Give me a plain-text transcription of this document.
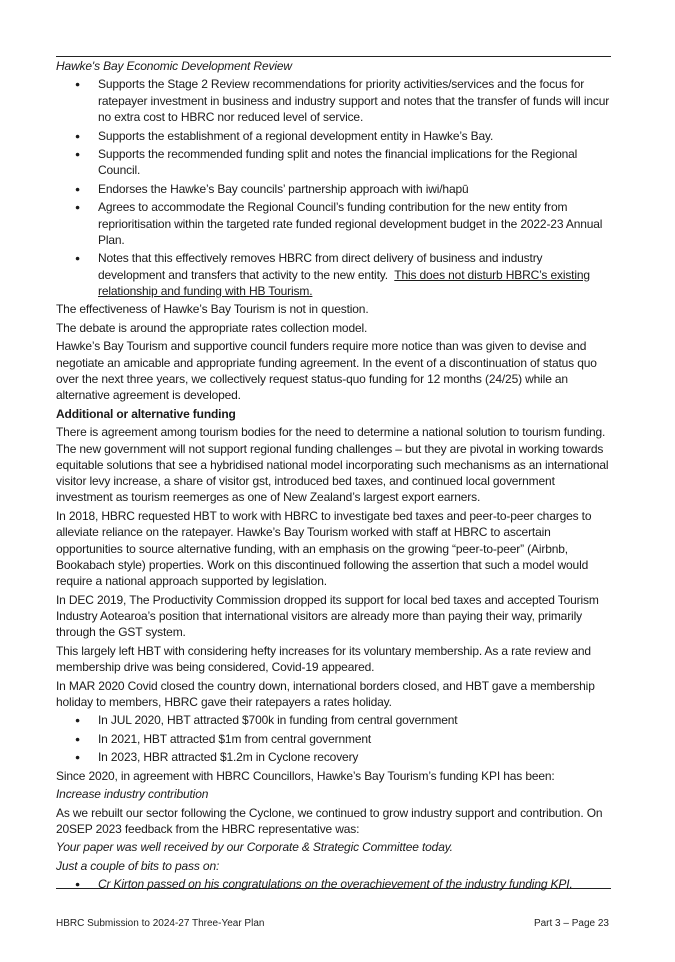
Hawke's Bay Economic Development Review

● Supports the Stage 2 Review recommendations for priority activities/services and the focus for ratepayer investment in business and industry support and notes that the transfer of funds will incur no extra cost to HBRC nor reduced level of service.
● Supports the establishment of a regional development entity in Hawke’s Bay.
● Supports the recommended funding split and notes the financial implications for the Regional Council.
● Endorses the Hawke’s Bay councils’ partnership approach with iwi/hapū
● Agrees to accommodate the Regional Council’s funding contribution for the new entity from reprioritisation within the targeted rate funded regional development budget in the 2022-23 Annual Plan.
● Notes that this effectively removes HBRC from direct delivery of business and industry development and transfers that activity to the new entity. This does not disturb HBRC’s existing relationship and funding with HB Tourism.

The effectiveness of Hawke’s Bay Tourism is not in question.

The debate is around the appropriate rates collection model.

Hawke’s Bay Tourism and supportive council funders require more notice than was given to devise and negotiate an amicable and appropriate funding agreement. In the event of a discontinuation of status quo over the next three years, we collectively request status-quo funding for 12 months (24/25) while an alternative agreement is developed.

Additional or alternative funding

There is agreement among tourism bodies for the need to determine a national solution to tourism funding. The new government will not support regional funding challenges – but they are pivotal in working towards equitable solutions that see a hybridised national model incorporating such mechanisms as an international visitor levy increase, a share of visitor gst, introduced bed taxes, and continued local government investment as tourism reemerges as one of New Zealand’s largest export earners.

In 2018, HBRC requested HBT to work with HBRC to investigate bed taxes and peer-to-peer charges to alleviate reliance on the ratepayer. Hawke’s Bay Tourism worked with staff at HBRC to ascertain opportunities to source alternative funding, with an emphasis on the growing “peer-to-peer” (Airbnb, Bookabach style) properties. Work on this discontinued following the assertion that such a model would require a national approach supported by legislation.

In DEC 2019, The Productivity Commission dropped its support for local bed taxes and accepted Tourism Industry Aotearoa’s position that international visitors are already more than paying their way, primarily through the GST system.

This largely left HBT with considering hefty increases for its voluntary membership. As a rate review and membership drive was being considered, Covid-19 appeared.

In MAR 2020 Covid closed the country down, international borders closed, and HBT gave a membership holiday to members, HBRC gave their ratepayers a rates holiday.

● In JUL 2020, HBT attracted $700k in funding from central government
● In 2021, HBT attracted $1m from central government
● In 2023, HBR attracted $1.2m in Cyclone recovery

Since 2020, in agreement with HBRC Councillors, Hawke’s Bay Tourism’s funding KPI has been:

Increase industry contribution

As we rebuilt our sector following the Cyclone, we continued to grow industry support and contribution. On 20SEP 2023 feedback from the HBRC representative was:

Your paper was well received by our Corporate & Strategic Committee today.

Just a couple of bits to pass on:

● Cr Kirton passed on his congratulations on the overachievement of the industry funding KPI.
HBRC Submission to 2024-27 Three-Year Plan	Part 3 – Page 23
